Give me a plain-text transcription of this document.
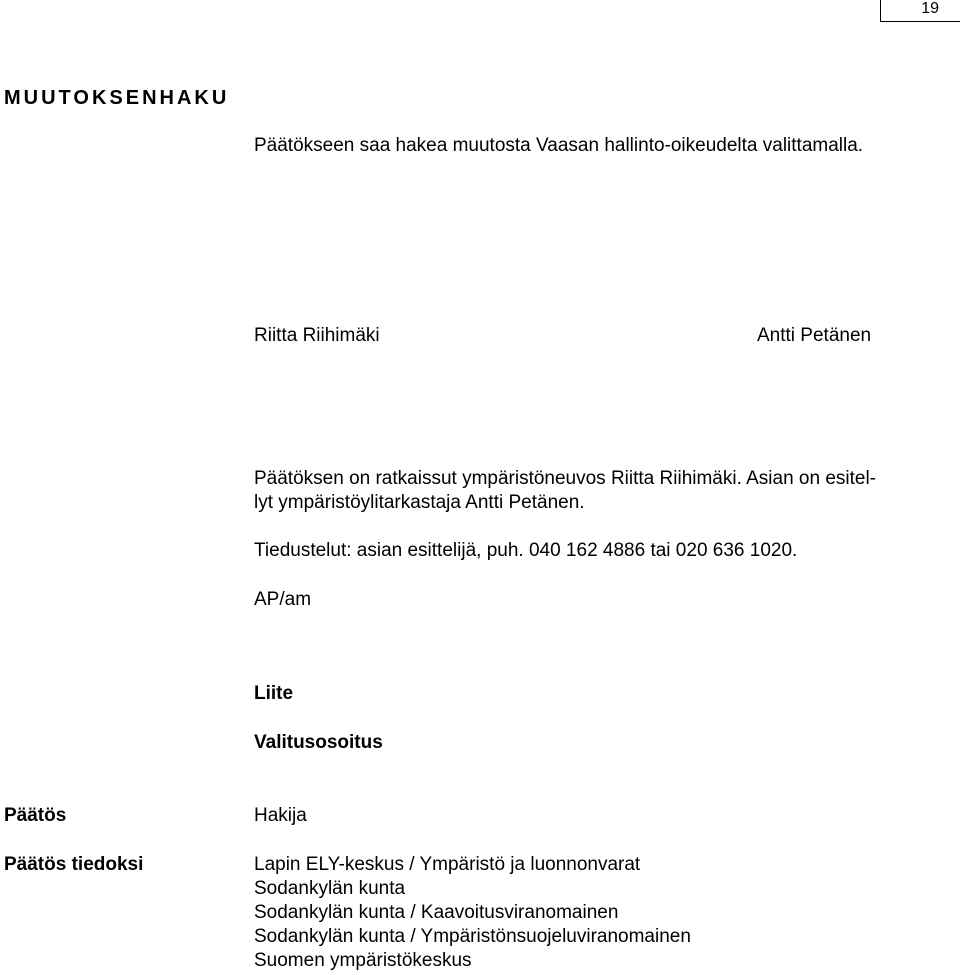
19
MUUTOKSENHAKU
Päätökseen saa hakea muutosta Vaasan hallinto-oikeudelta valittamalla.
Riitta Riihimäki	Antti Petänen
Päätöksen on ratkaissut ympäristöneuvos Riitta Riihimäki. Asian on esitel-
lyt ympäristöylitarkastaja Antti Petänen.
Tiedustelut: asian esittelijä, puh. 040 162 4886 tai 020 636 1020.
AP/am
Liite
Valitusosoitus
Päätös	Hakija
Päätös tiedoksi	Lapin ELY-keskus / Ympäristö ja luonnonvarat
Sodankylän kunta
Sodankylän kunta / Kaavoitusviranomainen
Sodankylän kunta / Ympäristönsuojeluviranomainen
Suomen ympäristökeskus
